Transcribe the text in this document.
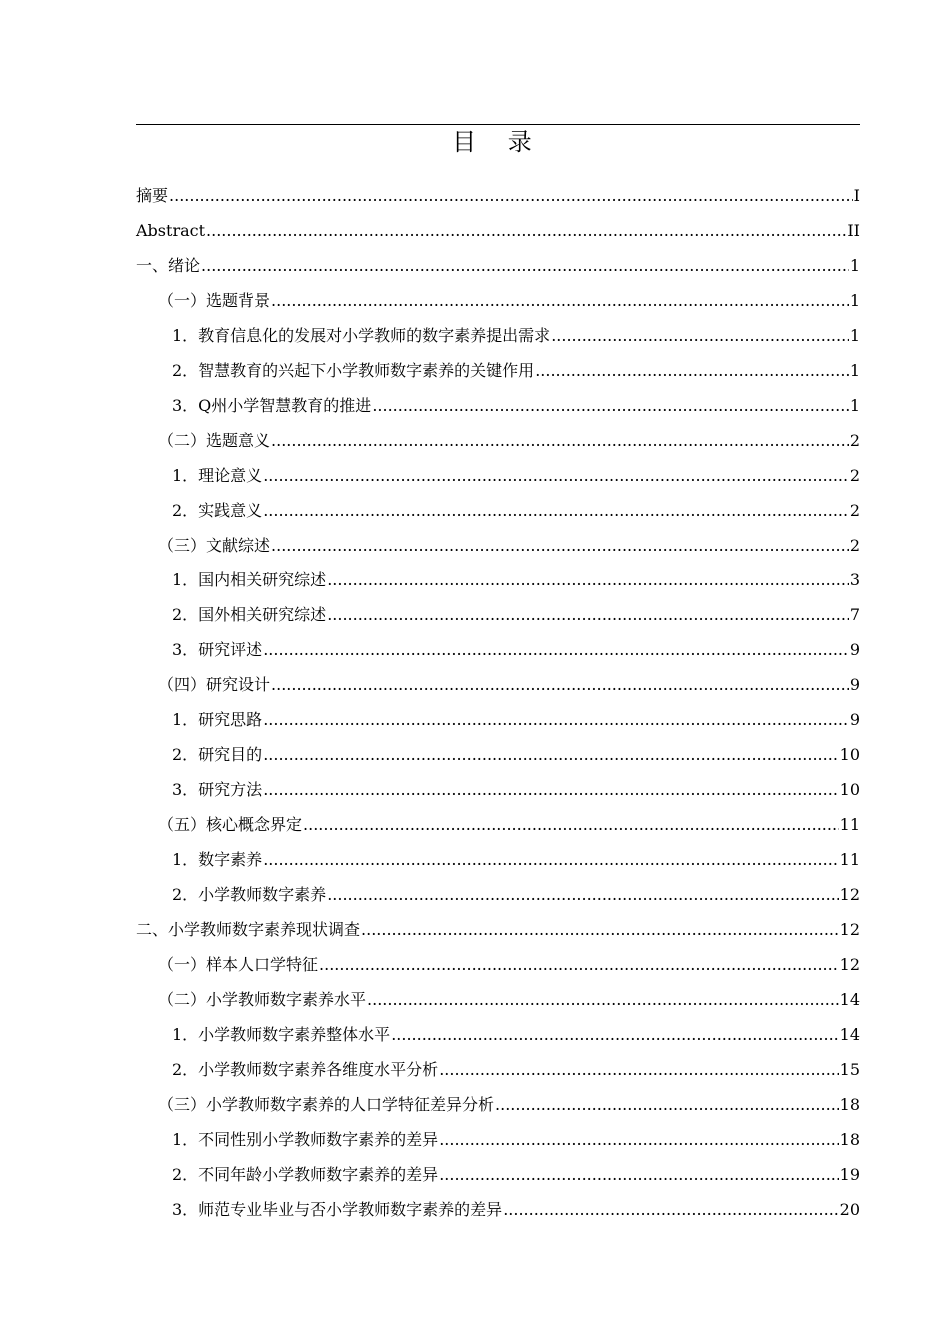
目 录
摘要 .....	I
Abstract .....	II
一、绪论 .....	1
（一）选题背景 .....	1
1．教育信息化的发展对小学教师的数字素养提出需求 .....	1
2．智慧教育的兴起下小学教师数字素养的关键作用 .....	1
3．Q州小学智慧教育的推进 .....	1
（二）选题意义 .....	2
1．理论意义 .....	2
2．实践意义 .....	2
（三）文献综述 .....	2
1．国内相关研究综述 .....	3
2．国外相关研究综述 .....	7
3．研究评述 .....	9
（四）研究设计 .....	9
1．研究思路 .....	9
2．研究目的 .....	10
3．研究方法 .....	10
（五）核心概念界定 .....	11
1．数字素养 .....	11
2．小学教师数字素养 .....	12
二、小学教师数字素养现状调查 .....	12
（一）样本人口学特征 .....	12
（二）小学教师数字素养水平 .....	14
1．小学教师数字素养整体水平 .....	14
2．小学教师数字素养各维度水平分析 .....	15
（三）小学教师数字素养的人口学特征差异分析 .....	18
1．不同性别小学教师数字素养的差异 .....	18
2．不同年龄小学教师数字素养的差异 .....	19
3．师范专业毕业与否小学教师数字素养的差异 .....	20
